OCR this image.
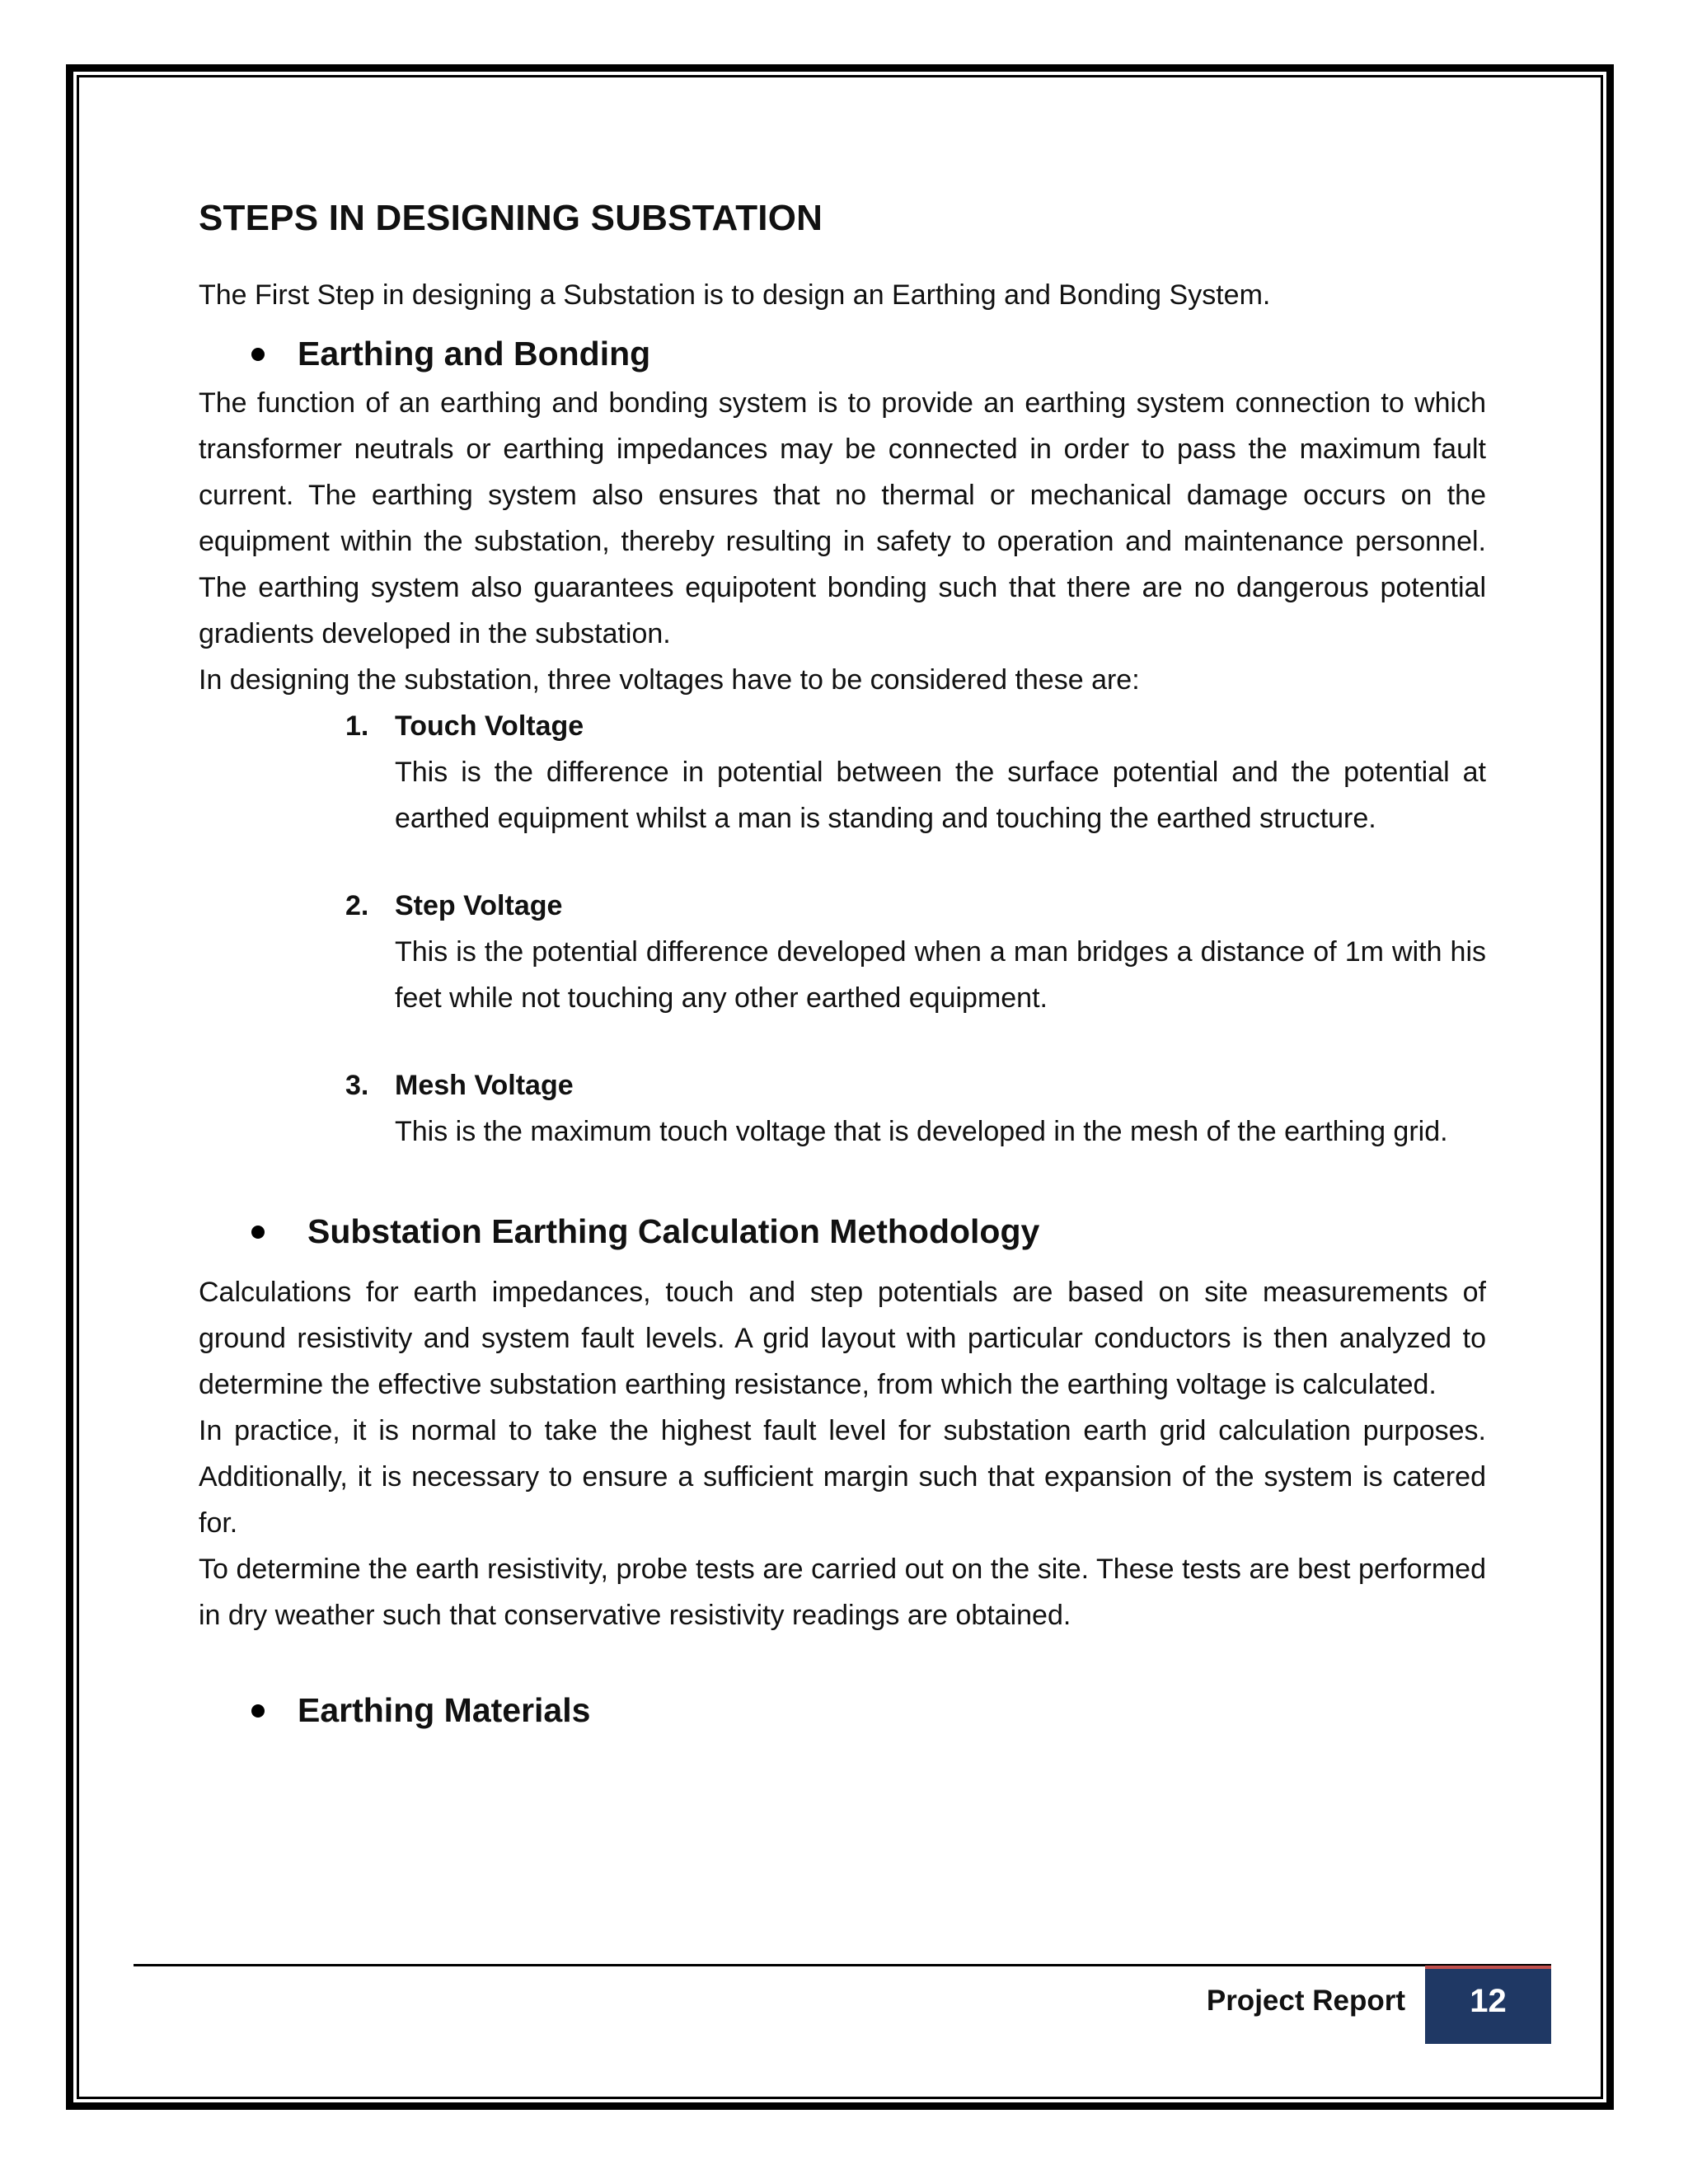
STEPS IN DESIGNING SUBSTATION

The First Step in designing a Substation is to design an Earthing and Bonding System.

Earthing and Bonding

The function of an earthing and bonding system is to provide an earthing system connection to which transformer neutrals or earthing impedances may be connected in order to pass the maximum fault current. The earthing system also ensures that no thermal or mechanical damage occurs on the equipment within the substation, thereby resulting in safety to operation and maintenance personnel. The earthing system also guarantees equipotent bonding such that there are no dangerous potential gradients developed in the substation.

In designing the substation, three voltages have to be considered these are:

1. Touch Voltage

This is the difference in potential between the surface potential and the potential at earthed equipment whilst a man is standing and touching the earthed structure.

2. Step Voltage

This is the potential difference developed when a man bridges a distance of 1m with his feet while not touching any other earthed equipment.

3. Mesh Voltage

This is the maximum touch voltage that is developed in the mesh of the earthing grid.

Substation Earthing Calculation Methodology

Calculations for earth impedances, touch and step potentials are based on site measurements of ground resistivity and system fault levels. A grid layout with particular conductors is then analyzed to determine the effective substation earthing resistance, from which the earthing voltage is calculated.

In practice, it is normal to take the highest fault level for substation earth grid calculation purposes. Additionally, it is necessary to ensure a sufficient margin such that expansion of the system is catered for.

To determine the earth resistivity, probe tests are carried out on the site. These tests are best performed in dry weather such that conservative resistivity readings are obtained.

Earthing Materials
Project Report	12
